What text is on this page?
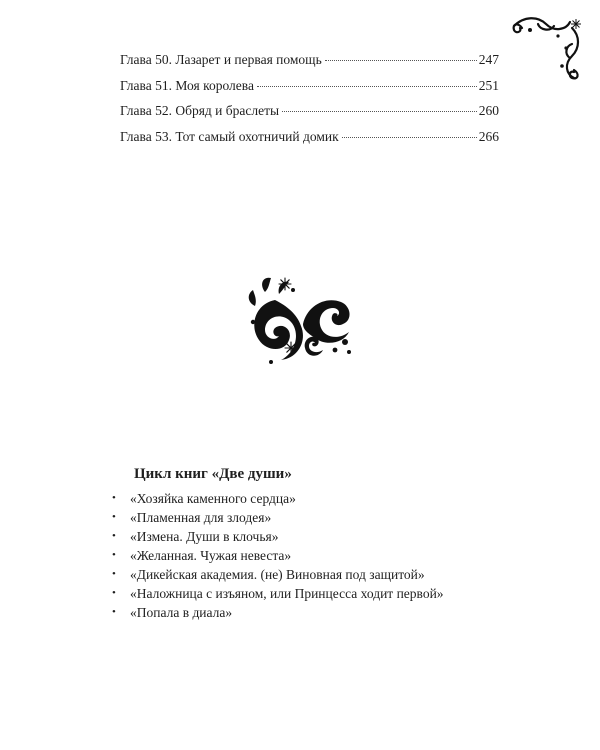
Глава 50. Лазарет и первая помощь	247
Глава 51. Моя королева	251
Глава 52. Обряд и браслеты	260
Глава 53. Тот самый охотничий домик	266
Цикл книг «Две души»
• «Хозяйка каменного сердца»
• «Пламенная для злодея»
• «Измена. Души в клочья»
• «Желанная. Чужая невеста»
• «Дикейская академия. (не) Виновная под защитой»
• «Наложница с изъяном, или Принцесса ходит первой»
• «Попала в диала»
